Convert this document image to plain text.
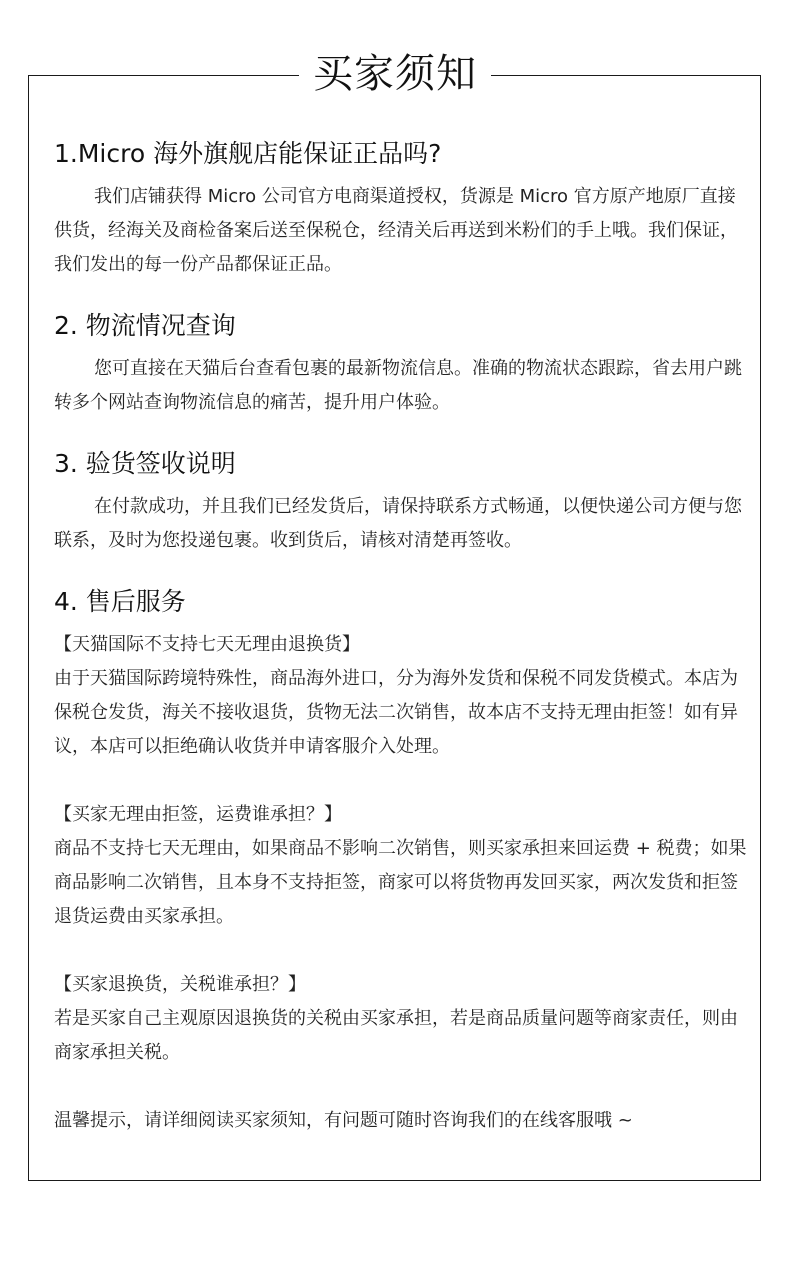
买家须知
1.Micro 海外旗舰店能保证正品吗?

我们店铺获得 Micro 公司官方电商渠道授权，货源是 Micro 官方原产地原厂直接供货，经海关及商检备案后送至保税仓，经清关后再送到米粉们的手上哦。我们保证，我们发出的每一份产品都保证正品。

2. 物流情况查询

您可直接在天猫后台查看包裹的最新物流信息。准确的物流状态跟踪，省去用户跳转多个网站查询物流信息的痛苦，提升用户体验。

3. 验货签收说明

在付款成功，并且我们已经发货后，请保持联系方式畅通，以便快递公司方便与您联系，及时为您投递包裹。收到货后，请核对清楚再签收。

4. 售后服务

【天猫国际不支持七天无理由退换货】

由于天猫国际跨境特殊性，商品海外进口，分为海外发货和保税不同发货模式。本店为保税仓发货，海关不接收退货，货物无法二次销售，故本店不支持无理由拒签！如有异议，本店可以拒绝确认收货并申请客服介入处理。

【买家无理由拒签，运费谁承担？】

商品不支持七天无理由，如果商品不影响二次销售，则买家承担来回运费 + 税费；如果商品影响二次销售，且本身不支持拒签，商家可以将货物再发回买家，两次发货和拒签退货运费由买家承担。

【买家退换货，关税谁承担？】

若是买家自己主观原因退换货的关税由买家承担，若是商品质量问题等商家责任，则由商家承担关税。

温馨提示，请详细阅读买家须知，有问题可随时咨询我们的在线客服哦 ~
